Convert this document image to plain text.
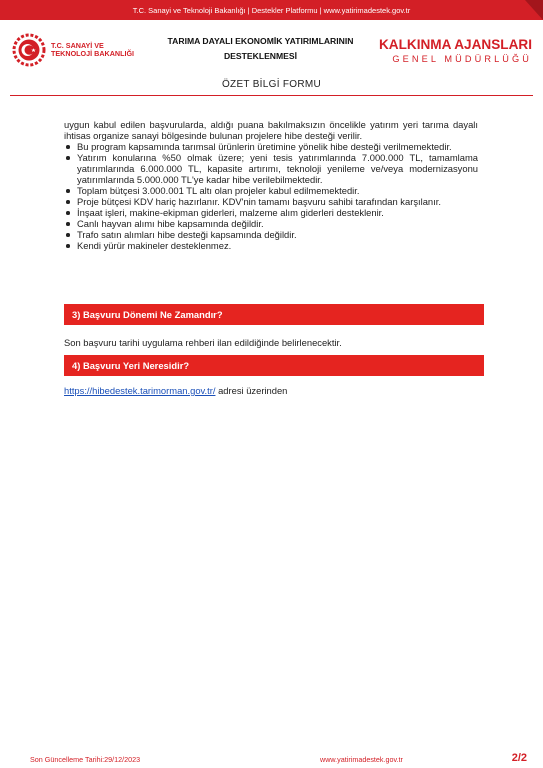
T.C. Sanayi ve Teknoloji Bakanlığı | Destekler Platformu | www.yatirimadestek.gov.tr
T.C. SANAYİ VE
TEKNOLOJİ BAKANLIĞI
TARIMA DAYALI EKONOMİK YATIRIMLARININ
DESTEKLENMESİ
KALKINMA AJANSLARI
GENEL MÜDÜRLÜĞÜ
ÖZET BİLGİ FORMU

uygun kabul edilen başvurularda, aldığı puana bakılmaksızın öncelikle yatırım yeri tarıma dayalı ihtisas organize sanayi bölgesinde bulunan projelere hibe desteği verilir.

Bu program kapsamında tarımsal ürünlerin üretimine yönelik hibe desteği verilmemektedir.
Yatırım konularına %50 olmak üzere; yeni tesis yatırımlarında 7.000.000 TL, tamamlama yatırımlarında 6.000.000 TL, kapasite artırımı, teknoloji yenileme ve/veya modernizasyonu yatırımlarında 5.000.000 TL'ye kadar hibe verilebilmektedir.
Toplam bütçesi 3.000.001 TL altı olan projeler kabul edilmemektedir.
Proje bütçesi KDV hariç hazırlanır. KDV'nin tamamı başvuru sahibi tarafından karşılanır.
İnşaat işleri, makine-ekipman giderleri, malzeme alım giderleri desteklenir.
Canlı hayvan alımı hibe kapsamında değildir.
Trafo satın alımları hibe desteği kapsamında değildir.
Kendi yürür makineler desteklenmez.
3) Başvuru Dönemi Ne Zamandır?
Son başvuru tarihi uygulama rehberi ilan edildiğinde belirlenecektir.
4) Başvuru Yeri Neresidir?
https://hibedestek.tarimorman.gov.tr/ adresi üzerinden
Son Güncelleme Tarihi:29/12/2023	www.yatirimadestek.gov.tr	2/2
